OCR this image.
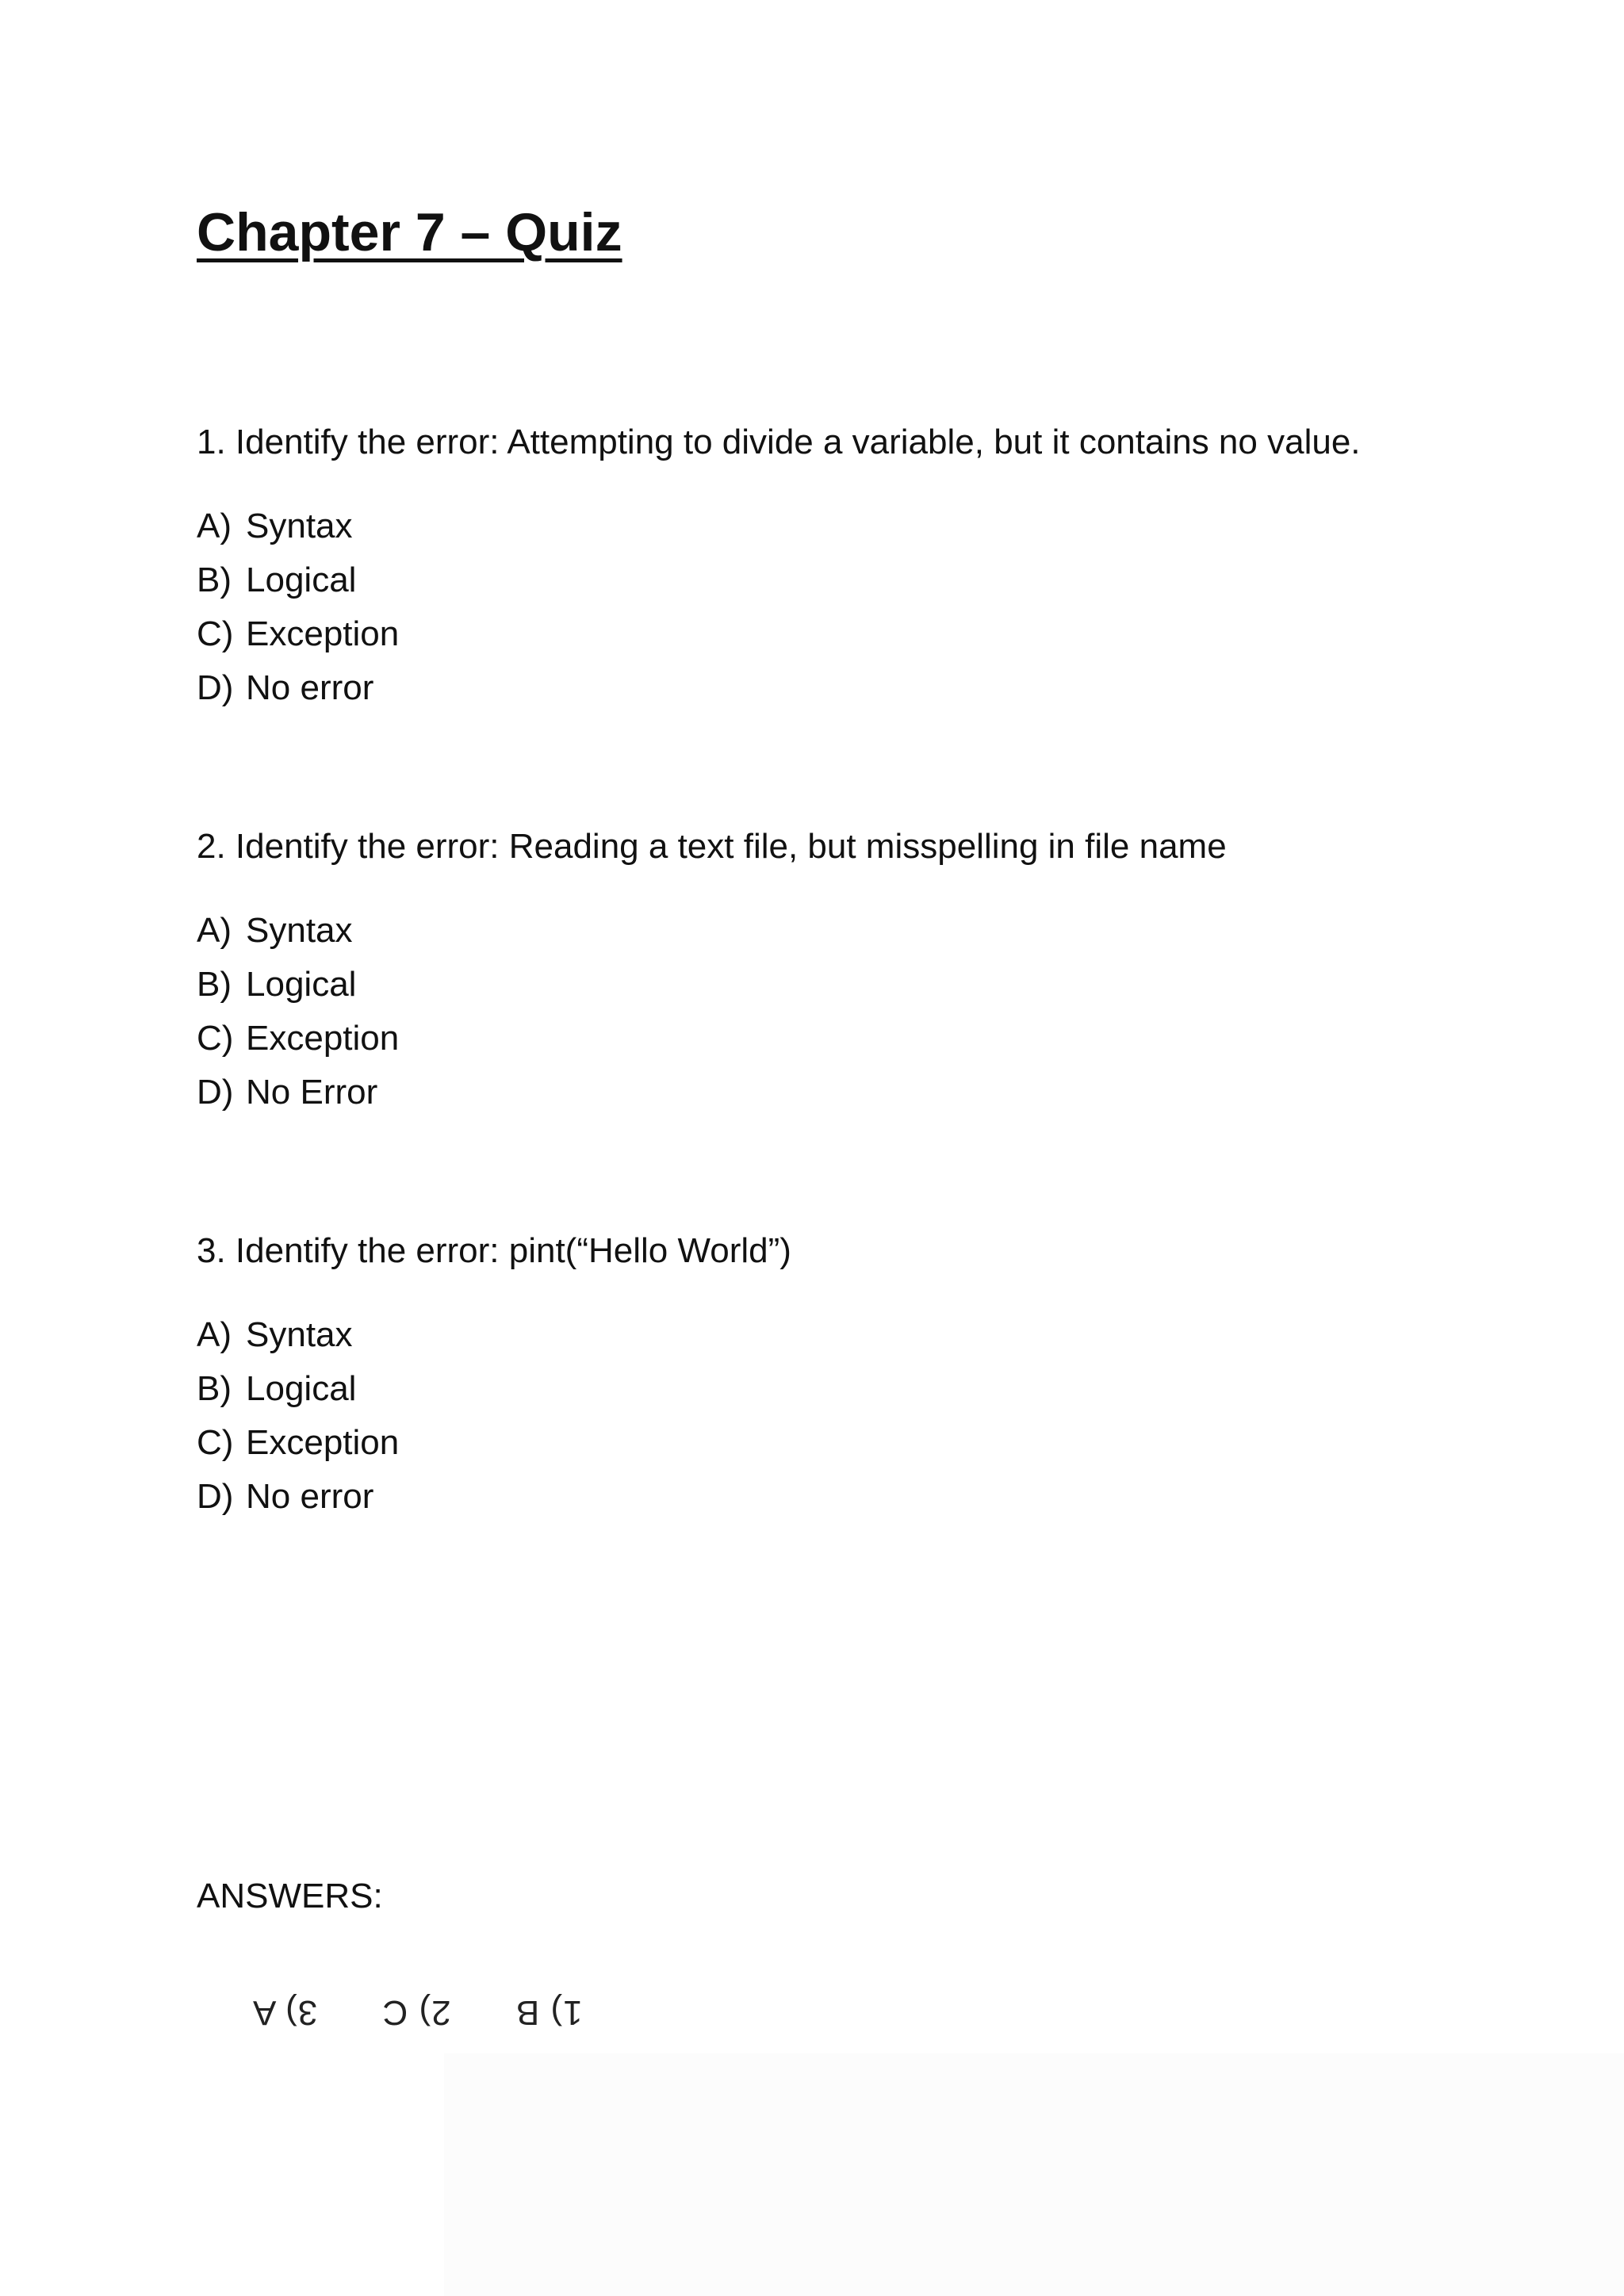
Chapter 7 – Quiz

1. Identify the error: Attempting to divide a variable, but it contains no value.

A) Syntax
B) Logical
C) Exception
D) No error

2. Identify the error: Reading a text file, but misspelling in file name

A) Syntax
B) Logical
C) Exception
D) No Error

3. Identify the error: pint(“Hello World”)

A) Syntax
B) Logical
C) Exception
D) No error
ANSWERS:
1) B 2) C 3) A
